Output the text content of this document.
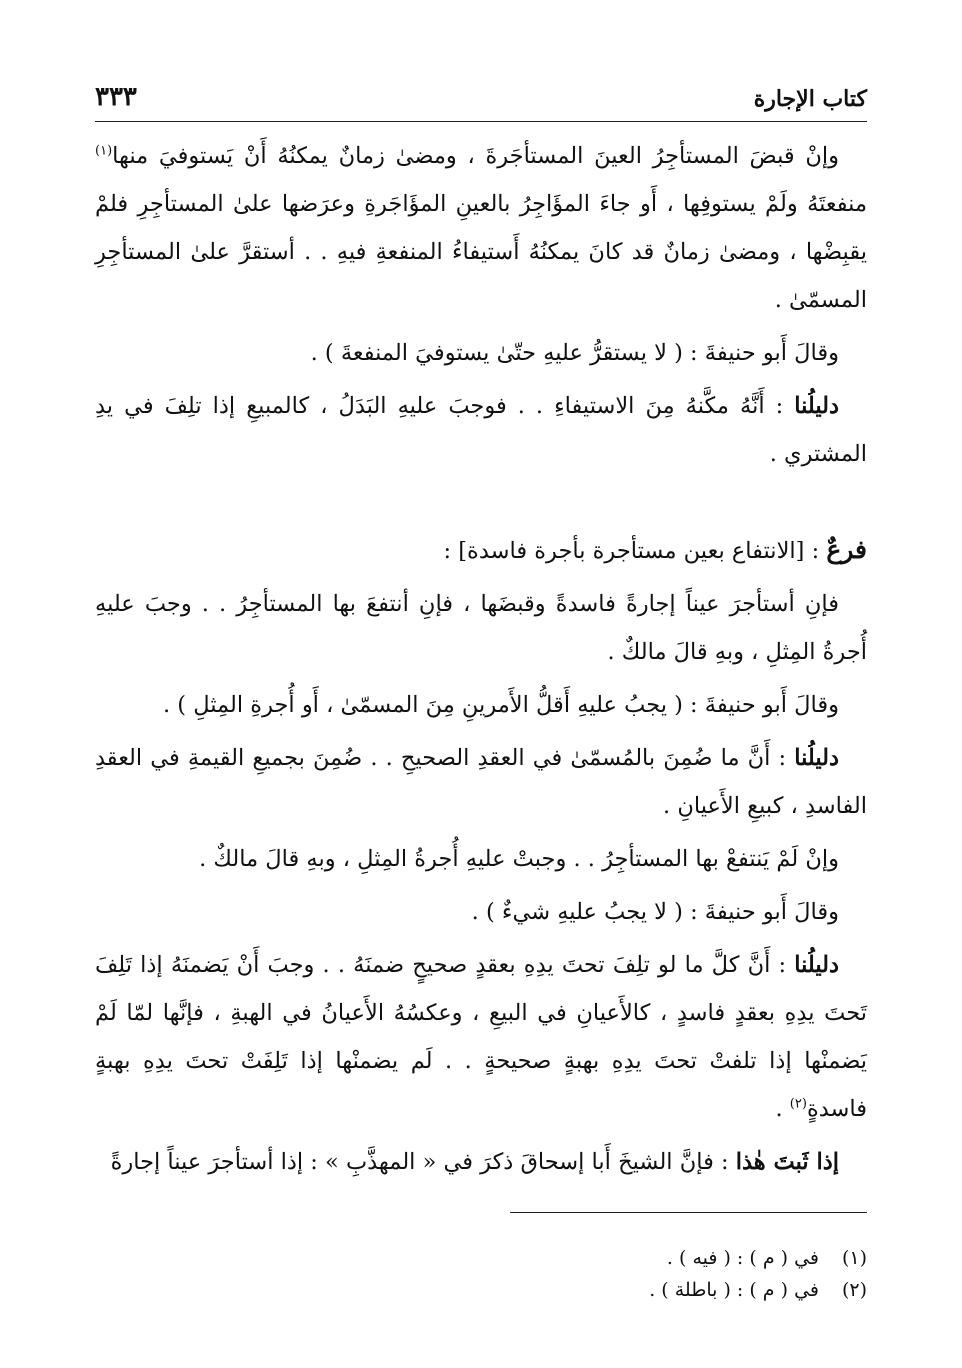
كتاب الإجارة
٣٣٣

وإنْ قبضَ المستأجِرُ العينَ المستأجَرةَ ، ومضىٰ زمانٌ يمكنُهُ أَنْ يَستوفيَ منها$^{(١)}$ منفعتَهُ ولَمْ يستوفِها ، أَو جاءَ المؤَاجِرُ بالعينِ المؤَاجَرةِ وعرَضها علىٰ المستأجِرِ فلمْ يقبِضْها ، ومضىٰ زمانٌ قد كانَ يمكنُهُ أَستيفاءُ المنفعةِ فيهِ . . أستقرَّ علىٰ المستأجِرِ المسمّىٰ .

وقالَ أَبو حنيفةَ : ( لا يستقرُّ عليهِ حتّىٰ يستوفيَ المنفعةَ ) .

دليلُنا : أَنَّهُ مكَّنهُ مِنَ الاستيفاءِ . . فوجبَ عليهِ البَدَلُ ، كالمبيعِ إذا تلِفَ في يدِ المشتري .

فرعٌ : [الانتفاع بعين مستأجرة بأجرة فاسدة] :

فإنِ أستأجرَ عيناً إجارةً فاسدةً وقبضَها ، فإنِ أنتفعَ بها المستأجِرُ . . وجبَ عليهِ أُجرةُ المِثلِ ، وبهِ قالَ مالكٌ .

وقالَ أَبو حنيفةَ : ( يجبُ عليهِ أَقلُّ الأَمرينِ مِنَ المسمّىٰ ، أَو أُجرةِ المِثلِ ) .

دليلُنا : أَنَّ ما ضُمِنَ بالمُسمّىٰ في العقدِ الصحيحِ . . ضُمِنَ بجميعِ القيمةِ في العقدِ الفاسدِ ، كبيعِ الأَعيانِ .

وإنْ لَمْ يَنتفعْ بها المستأجِرُ . . وجبتْ عليهِ أُجرةُ المِثلِ ، وبهِ قالَ مالكٌ .

وقالَ أَبو حنيفةَ : ( لا يجبُ عليهِ شيءٌ ) .

دليلُنا : أَنَّ كلَّ ما لو تلِفَ تحتَ يدِهِ بعقدٍ صحيحٍ ضمنَهُ . . وجبَ أَنْ يَضمنَهُ إذا تَلِفَ تَحتَ يدِهِ بعقدٍ فاسدٍ ، كالأَعيانِ في البيعِ ، وعكسُهُ الأَعيانُ في الهبةِ ، فإنَّها لمّا لَمْ يَضمنْها إذا تلفتْ تحتَ يدِهِ بهبةٍ صحيحةٍ . . لَم يضمنْها إذا تَلِفَتْ تحتَ يدِهِ بهبةٍ فاسدةٍ$^{(٢)}$ .

إذا ثَبتَ هٰذا : فإنَّ الشيخَ أَبا إسحاقَ ذكرَ في « المهذَّبِ » : إذا أستأجرَ عيناً إجارةً

(١)في ( م ) : ( فيه ) .
(٢)في ( م ) : ( باطلة ) .
